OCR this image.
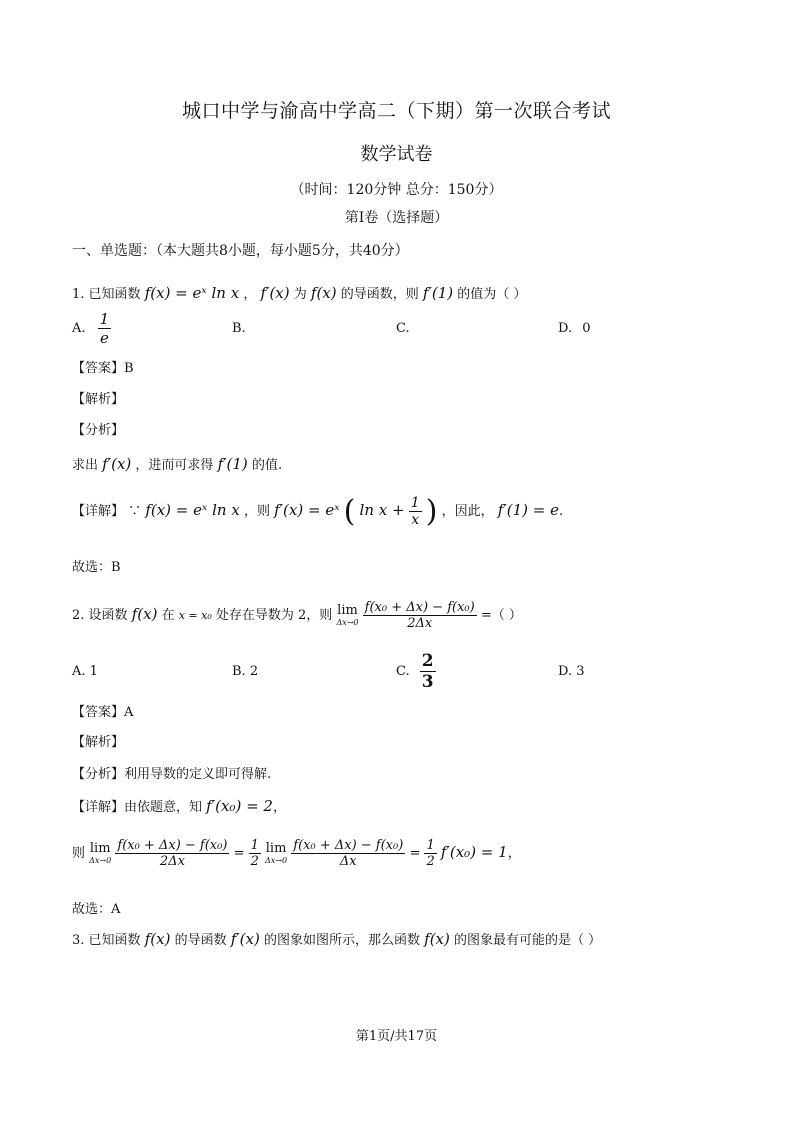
城口中学与渝高中学高二（下期）第一次联合考试
数学试卷
（时间：120分钟 总分：150分）
第Ⅰ卷（选择题）
一、单选题：（本大题共8小题，每小题5分，共40分）
1. 已知函数 f(x) = eˣ ln x ， f′(x) 为 f(x) 的导函数，则 f′(1) 的值为（ ）
A. $\frac{1}{e}$	B.	C.	D. 0
【答案】B
【解析】
【分析】
求出 f′(x) ，进而可求得 f′(1) 的值.
【详解】 ∵ f(x) = eˣ ln x ，则 f′(x) = eˣ ( $\ln x + \frac{1}{x}$ ) ，因此， f′(1) = e.
故选：B
2. 设函数 f(x) 在 x = x₀ 处存在导数为 2，则 lim
Δx→0
$\frac{\text{f(x₀ + Δx) − f(x₀)}}{2\Delta x}$ =（ ）
A. 1	B. 2	C. $\frac{2}{3}$	D. 3
【答案】A
【解析】
【分析】利用导数的定义即可得解.
【详解】由依题意，知 f′(x₀) = 2，
则 lim
Δx→0
$\frac{\text{f(x₀ + Δx) − f(x₀)}}{2\Delta x} = \frac{1}{2}$ lim
Δx→0
$\frac{\text{f(x₀ + Δx) − f(x₀)}}{\Delta x} = \frac{1}{2} f'(x_0) = 1$，
故选：A
3. 已知函数 f(x) 的导函数 f′(x) 的图象如图所示，那么函数 f(x) 的图象最有可能的是（ ）
第1页/共17页
